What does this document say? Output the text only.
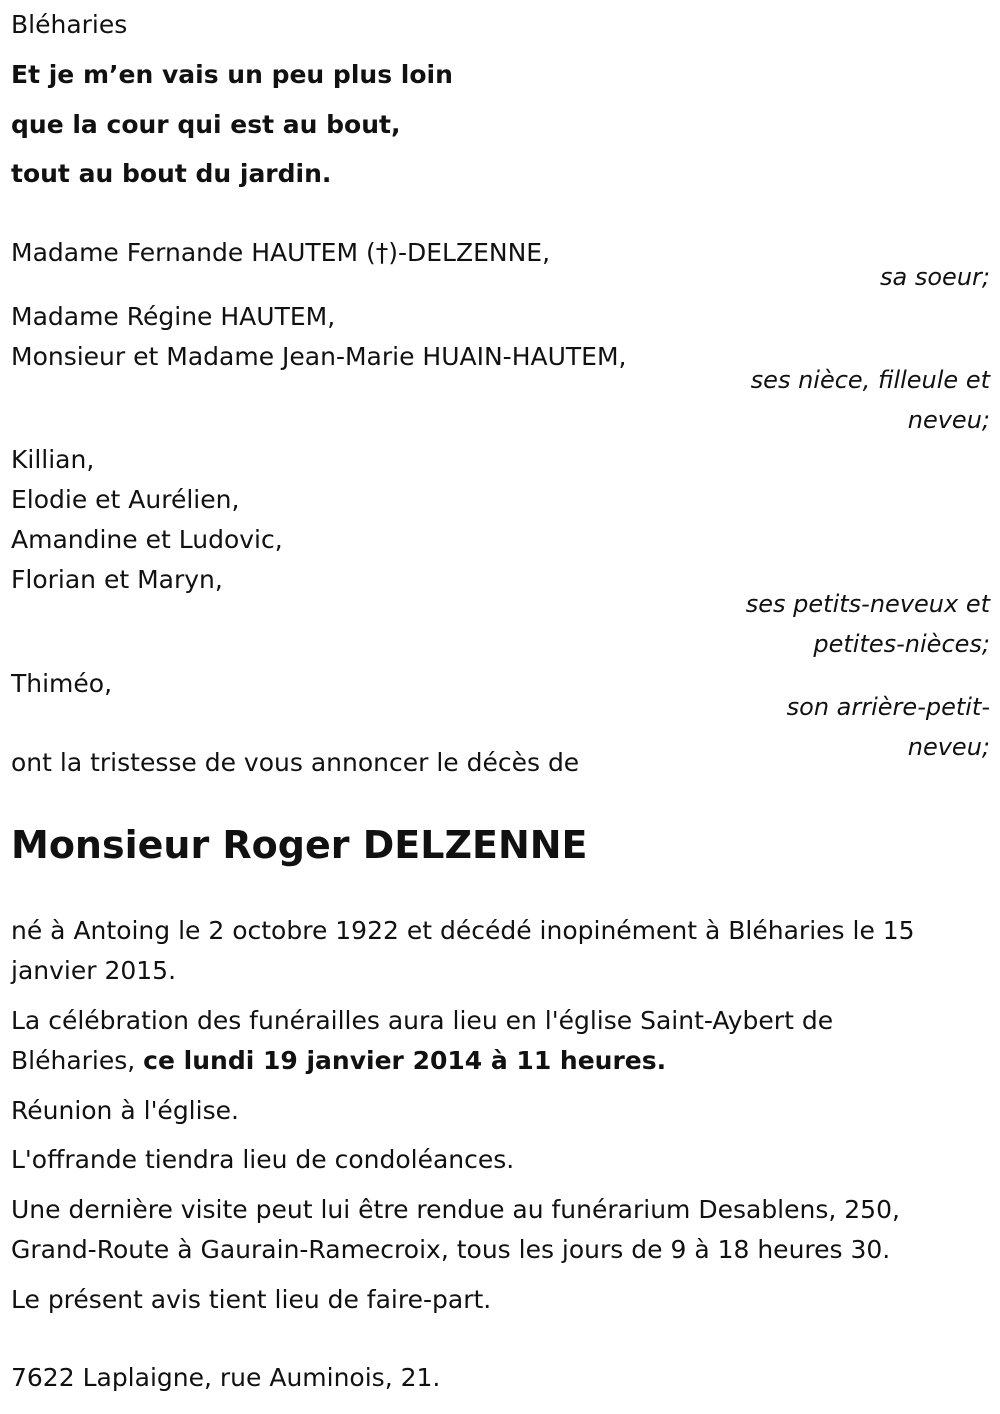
Bléharies
Et je m’en vais un peu plus loin
que la cour qui est au bout,
tout au bout du jardin.
Madame Fernande HAUTEM (†)-DELZENNE,
sa soeur;
Madame Régine HAUTEM,
Monsieur et Madame Jean-Marie HUAIN-HAUTEM,
ses nièce, filleule et
neveu;
Killian,
Elodie et Aurélien,
Amandine et Ludovic,
Florian et Maryn,
ses petits-neveux et
petites-nièces;
Thiméo,
son arrière-petit-
neveu;
ont la tristesse de vous annoncer le décès de
Monsieur Roger DELZENNE
né à Antoing le 2 octobre 1922 et décédé inopinément à Bléharies le 15
janvier 2015.
La célébration des funérailles aura lieu en l'église Saint-Aybert de
Bléharies, ce lundi 19 janvier 2014 à 11 heures.
Réunion à l'église.
L'offrande tiendra lieu de condoléances.
Une dernière visite peut lui être rendue au funérarium Desablens, 250,
Grand-Route à Gaurain-Ramecroix, tous les jours de 9 à 18 heures 30.
Le présent avis tient lieu de faire-part.
7622 Laplaigne, rue Auminois, 21.
